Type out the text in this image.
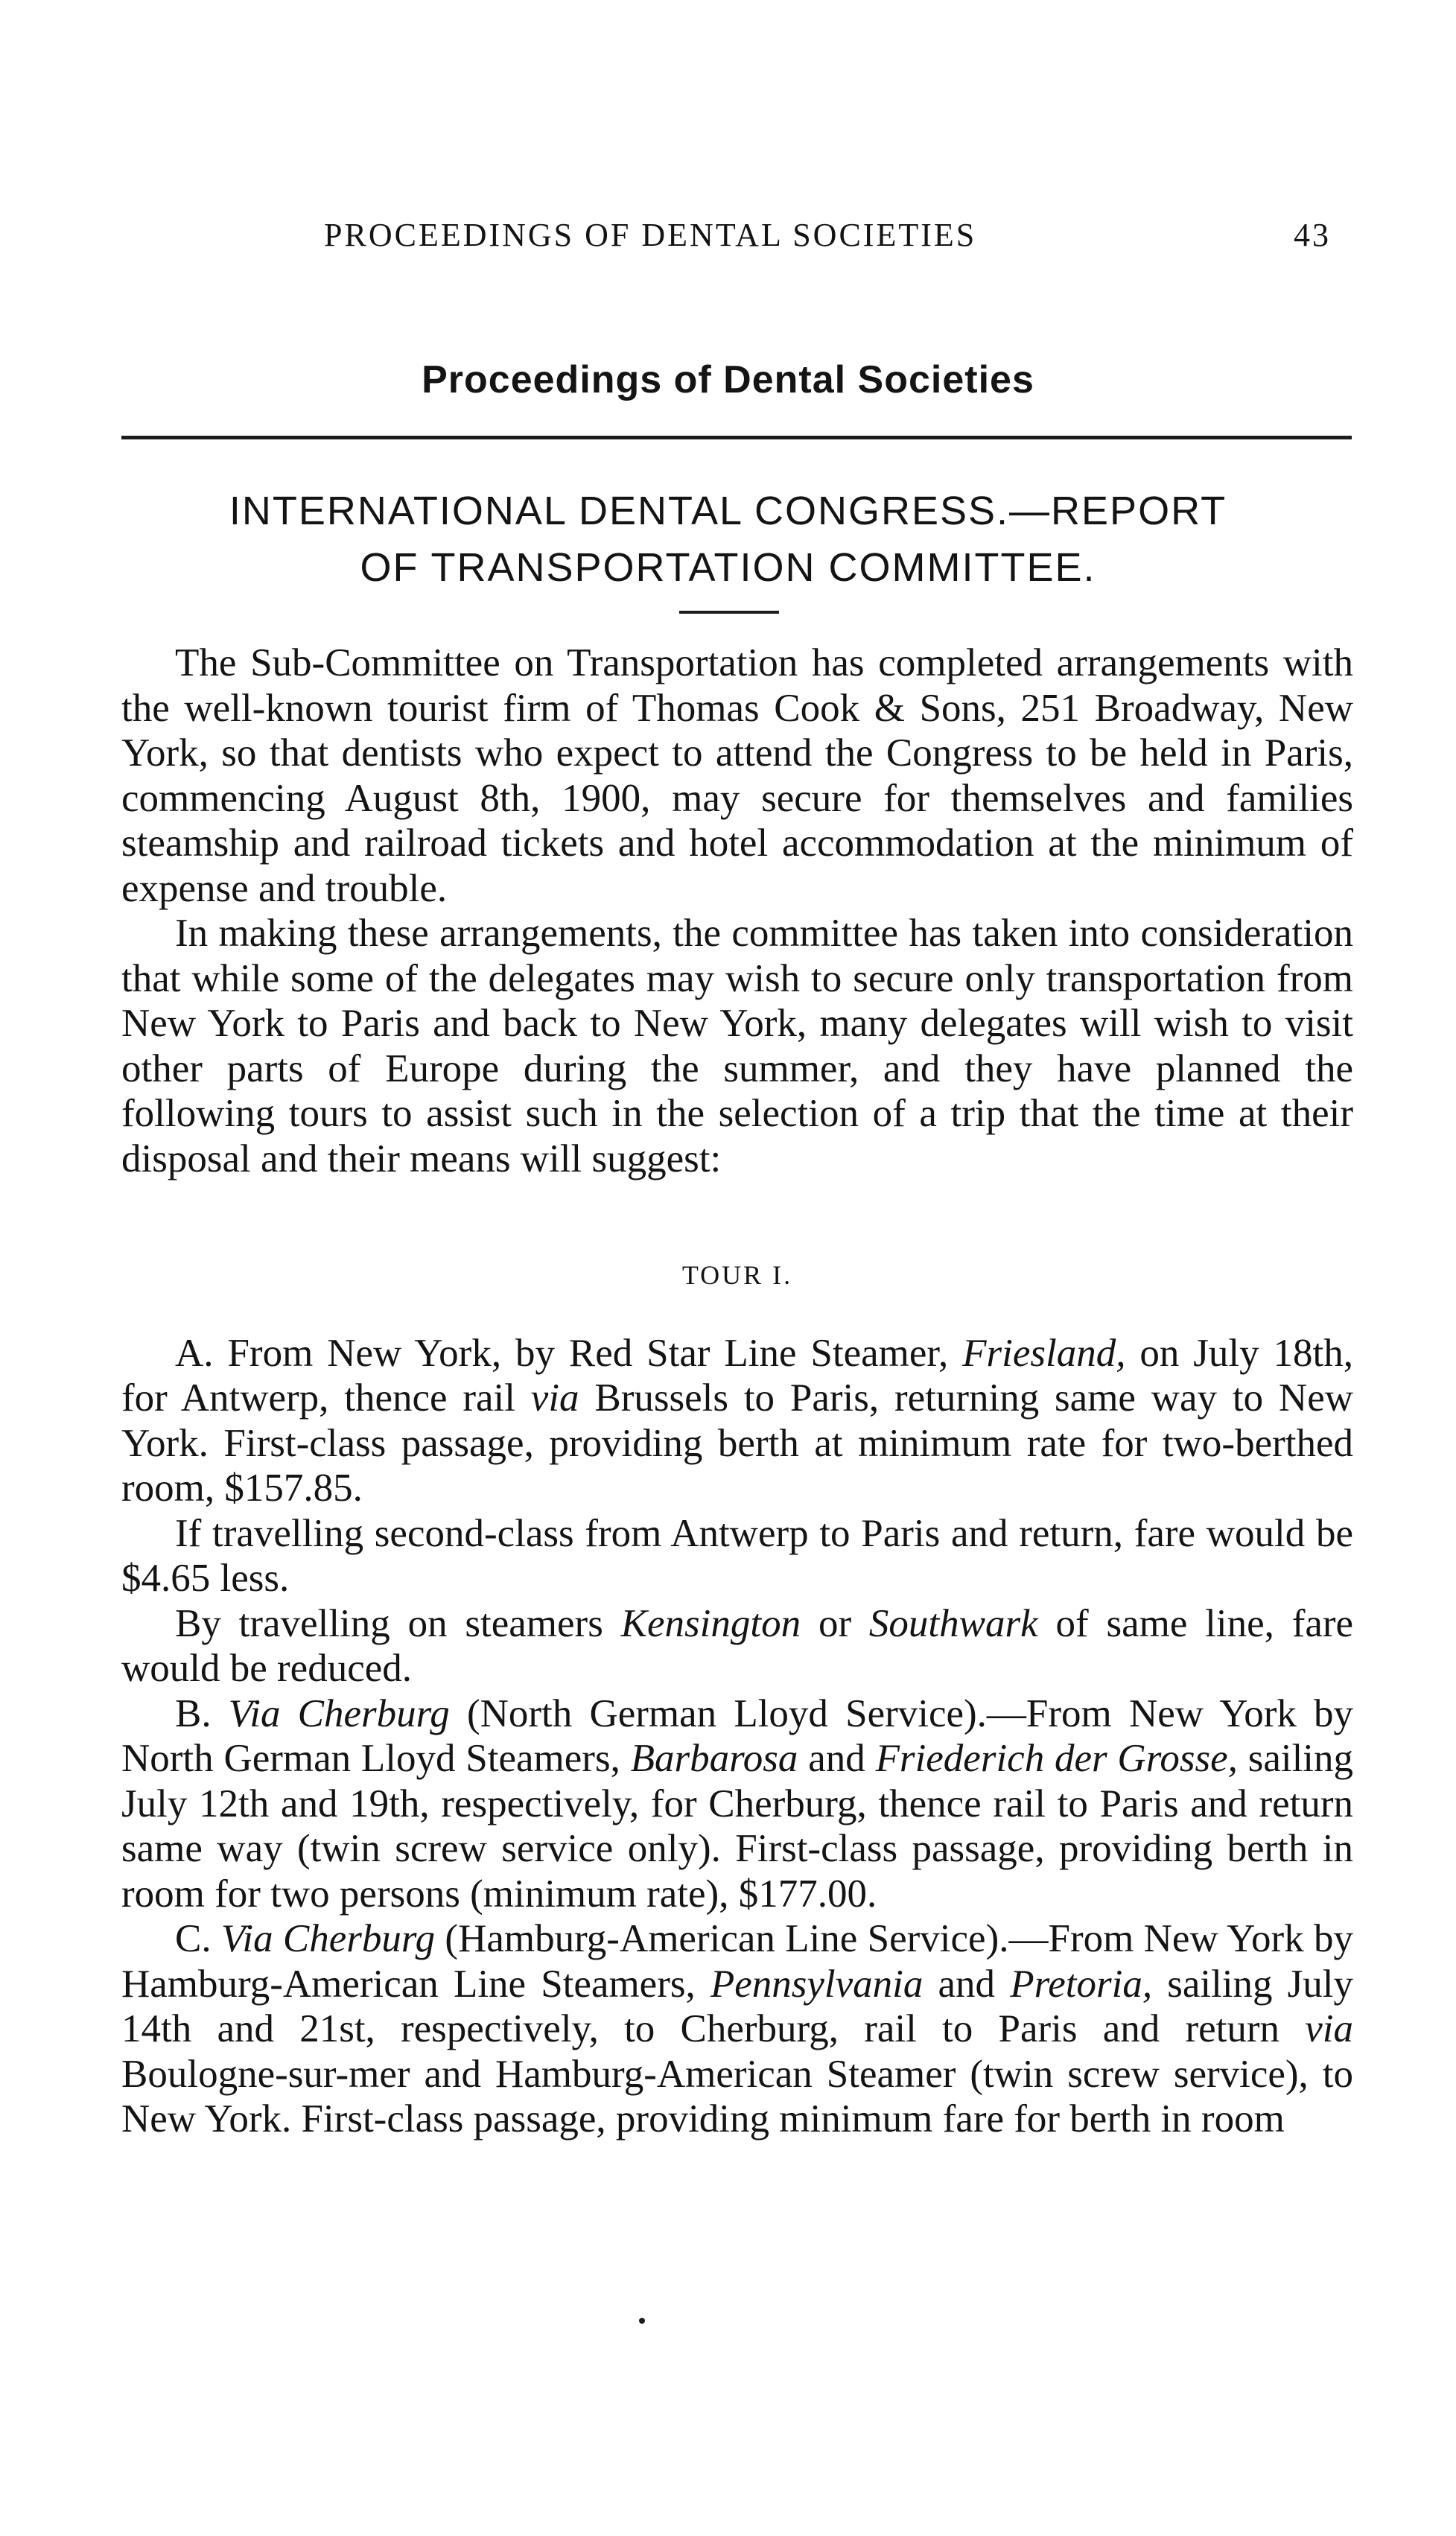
PROCEEDINGS OF DENTAL SOCIETIES	43
Proceedings of Dental Societies
INTERNATIONAL DENTAL CONGRESS.—REPORT
OF TRANSPORTATION COMMITTEE.

The Sub-Committee on Transportation has completed arrangements with the well-known tourist firm of Thomas Cook & Sons, 251 Broadway, New York, so that dentists who expect to attend the Congress to be held in Paris, commencing August 8th, 1900, may secure for themselves and families steamship and railroad tickets and hotel accommodation at the minimum of expense and trouble.

In making these arrangements, the committee has taken into consideration that while some of the delegates may wish to secure only transportation from New York to Paris and back to New York, many delegates will wish to visit other parts of Europe during the summer, and they have planned the following tours to assist such in the selection of a trip that the time at their disposal and their means will suggest:

TOUR I.

A. From New York, by Red Star Line Steamer, Friesland, on July 18th, for Antwerp, thence rail via Brussels to Paris, returning same way to New York. First-class passage, providing berth at minimum rate for two-berthed room, $157.85.

If travelling second-class from Antwerp to Paris and return, fare would be $4.65 less.

By travelling on steamers Kensington or Southwark of same line, fare would be reduced.

B. Via Cherburg (North German Lloyd Service).—From New York by North German Lloyd Steamers, Barbarosa and Friederich der Grosse, sailing July 12th and 19th, respectively, for Cherburg, thence rail to Paris and return same way (twin screw service only). First-class passage, providing berth in room for two persons (minimum rate), $177.00.

C. Via Cherburg (Hamburg-American Line Service).—From New York by Hamburg-American Line Steamers, Pennsylvania and Pretoria, sailing July 14th and 21st, respectively, to Cherburg, rail to Paris and return via Boulogne-sur-mer and Hamburg-American Steamer (twin screw service), to New York. First-class passage, providing minimum fare for berth in room
